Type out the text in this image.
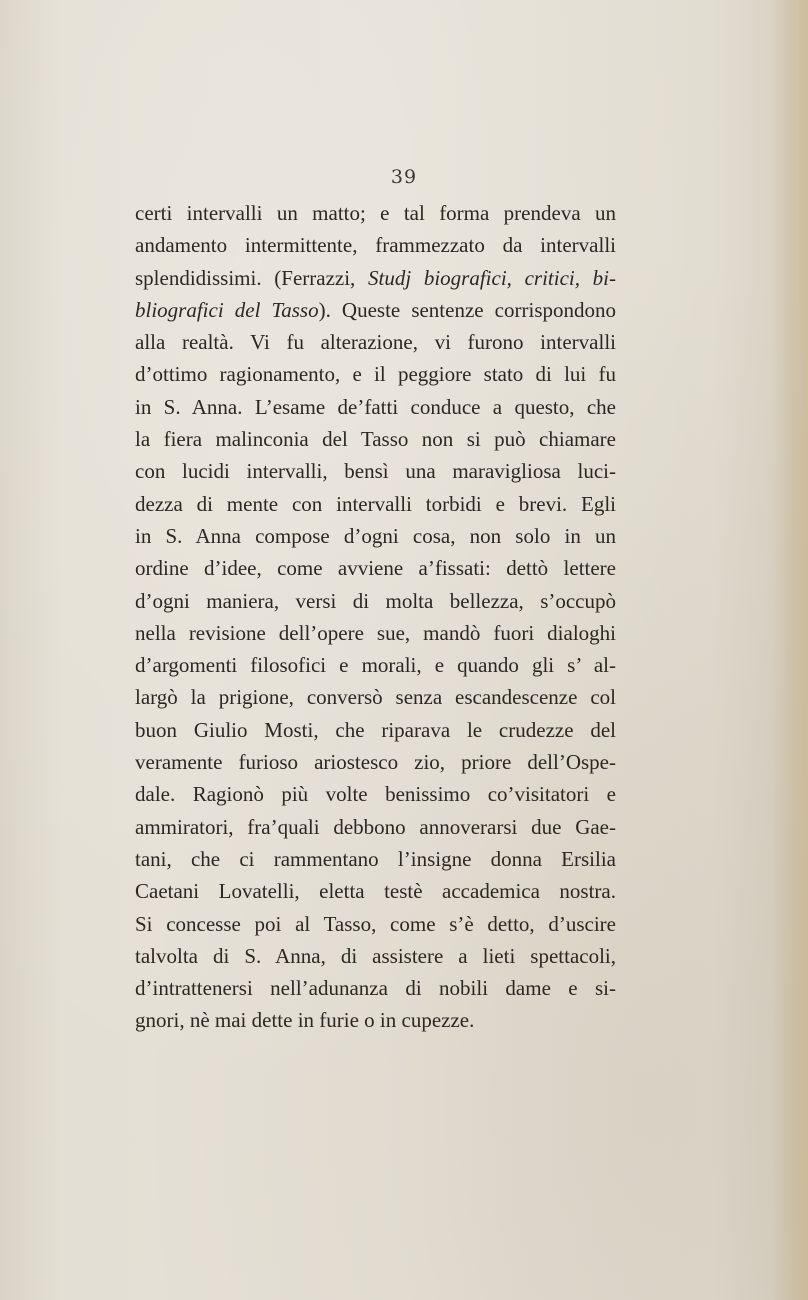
39
certi intervalli un matto; e tal forma prendeva un
andamento intermittente, frammezzato da intervalli
splendidissimi. (Ferrazzi, Studj biografici, critici, bi-
bliografici del Tasso). Queste sentenze corrispondono
alla realtà. Vi fu alterazione, vi furono intervalli
d’ottimo ragionamento, e il peggiore stato di lui fu
in S. Anna. L’esame de’fatti conduce a questo, che
la fiera malinconia del Tasso non si può chiamare
con lucidi intervalli, bensì una maravigliosa luci-
dezza di mente con intervalli torbidi e brevi. Egli
in S. Anna compose d’ogni cosa, non solo in un
ordine d’idee, come avviene a’fissati: dettò lettere
d’ogni maniera, versi di molta bellezza, s’occupò
nella revisione dell’opere sue, mandò fuori dialoghi
d’argomenti filosofici e morali, e quando gli s’ al-
largò la prigione, conversò senza escandescenze col
buon Giulio Mosti, che riparava le crudezze del
veramente furioso ariostesco zio, priore dell’Ospe-
dale. Ragionò più volte benissimo co’visitatori e
ammiratori, fra’quali debbono annoverarsi due Gae-
tani, che ci rammentano l’insigne donna Ersilia
Caetani Lovatelli, eletta testè accademica nostra.
Si concesse poi al Tasso, come s’è detto, d’uscire
talvolta di S. Anna, di assistere a lieti spettacoli,
d’intrattenersi nell’adunanza di nobili dame e si-
gnori, nè mai dette in furie o in cupezze.
